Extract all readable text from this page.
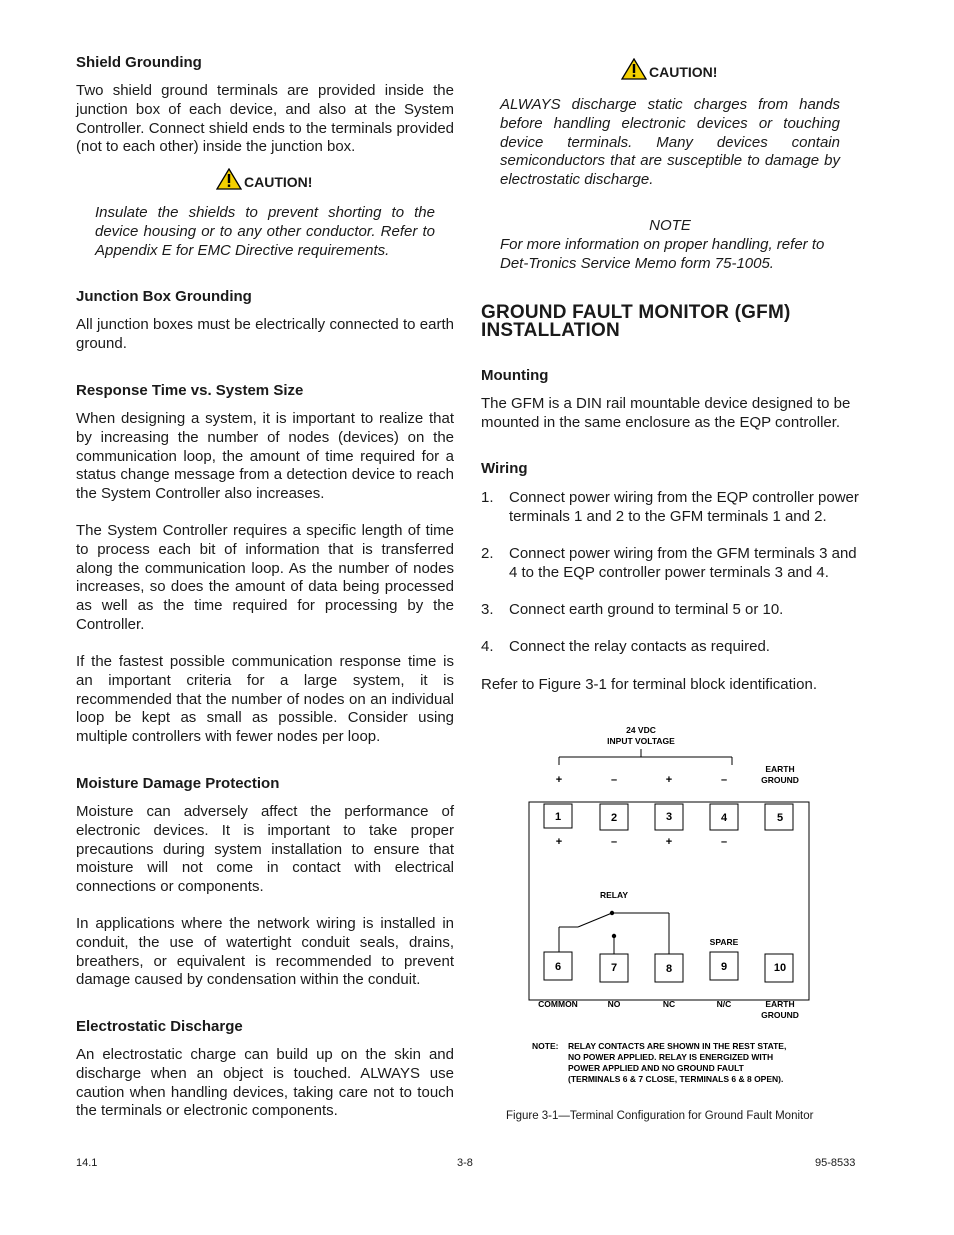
Shield Grounding

Two shield ground terminals are provided inside the junction box of each device, and also at the System Controller. Connect shield ends to the terminals provided (not to each other) inside the junction box.

CAUTION!

Insulate the shields to prevent shorting to the device housing or to any other conductor. Refer to Appendix E for EMC Directive requirements.

Junction Box Grounding

All junction boxes must be electrically connected to earth ground.

Response Time vs. System Size

When designing a system, it is important to realize that by increasing the number of nodes (devices) on the communication loop, the amount of time required for a status change message from a detection device to reach the System Controller also increases.

The System Controller requires a specific length of time to process each bit of information that is transferred along the communication loop. As the number of nodes increases, so does the amount of data being processed as well as the time required for processing by the Controller.

If the fastest possible communication response time is an important criteria for a large system, it is recommended that the number of nodes on an individual loop be kept as small as possible. Consider using multiple controllers with fewer nodes per loop.

Moisture Damage Protection

Moisture can adversely affect the performance of electronic devices. It is important to take proper precautions during system installation to ensure that moisture will not come in contact with electrical connections or components.

In applications where the network wiring is installed in conduit, the use of watertight conduit seals, drains, breathers, or equivalent is recommended to prevent damage caused by condensation within the conduit.

Electrostatic Discharge

An electrostatic charge can build up on the skin and discharge when an object is touched. ALWAYS use caution when handling devices, taking care not to touch the terminals or electronic components.

CAUTION!

ALWAYS discharge static charges from hands before handling electronic devices or touching device terminals. Many devices contain semiconductors that are susceptible to damage by electrostatic discharge.

NOTE

For more information on proper handling, refer to Det-Tronics Service Memo form 75-1005.

GROUND FAULT MONITOR (GFM)
INSTALLATION
Mounting

The GFM is a DIN rail mountable device designed to be mounted in the same enclosure as the EQP controller.

Wiring
1. Connect power wiring from the EQP controller power terminals 1 and 2 to the GFM terminals 1 and 2.
2. Connect power wiring from the GFM terminals 3 and 4 to the EQP controller power terminals 3 and 4.
3. Connect earth ground to terminal 5 or 10.
4. Connect the relay contacts as required.

Refer to Figure 3-1 for terminal block identification.

24 VDC
INPUT VOLTAGE
+	–	+	–
EARTH
GROUND
1	2	3	4	5
+	–	+	–
RELAY
SPARE
6	7	8	9	10
COMMON	NO	NC	N/C	EARTH
GROUND
NOTE: RELAY CONTACTS ARE SHOWN IN THE REST STATE,
NO POWER APPLIED. RELAY IS ENERGIZED WITH
POWER APPLIED AND NO GROUND FAULT
(TERMINALS 6 & 7 CLOSE, TERMINALS 6 & 8 OPEN).
Figure 3-1—Terminal Configuration for Ground Fault Monitor
14.1	3-8	95-8533
